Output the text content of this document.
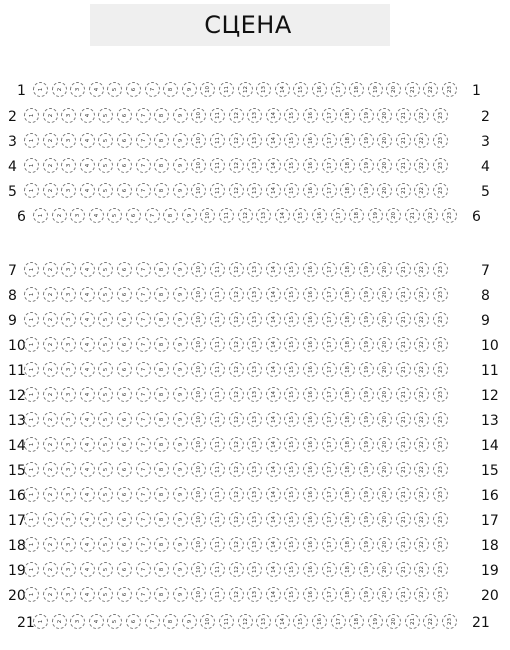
СЦЕНА
1	1	2	3	4	5	6	7	8	9	10	11	12	13	14	15	16	17	18	19	20	21	22	23	1
2	1	2	3	4	5	6	7	8	9	10	11	12	13	14	15	16	17	18	19	20	21	22	23	2
3	1	2	3	4	5	6	7	8	9	10	11	12	13	14	15	16	17	18	19	20	21	22	23	3
4	1	2	3	4	5	6	7	8	9	10	11	12	13	14	15	16	17	18	19	20	21	22	23	4
5	1	2	3	4	5	6	7	8	9	10	11	12	13	14	15	16	17	18	19	20	21	22	23	5
6	1	2	3	4	5	6	7	8	9	10	11	12	13	14	15	16	17	18	19	20	21	22	23	6
7	1	2	3	4	5	6	7	8	9	10	11	12	13	14	15	16	17	18	19	20	21	22	23	7
8	1	2	3	4	5	6	7	8	9	10	11	12	13	14	15	16	17	18	19	20	21	22	23	8
9	1	2	3	4	5	6	7	8	9	10	11	12	13	14	15	16	17	18	19	20	21	22	23	9
10 1	2	3	4	5	6	7	8	9	10	11	12	13	14	15	16	17	18	19	20	21	22	23	10
11 1	2	3	4	5	6	7	8	9	10	11	12	13	14	15	16	17	18	19	20	21	22	23	11
12 1	2	3	4	5	6	7	8	9	10	11	12	13	14	15	16	17	18	19	20	21	22	23	12
13 1	2	3	4	5	6	7	8	9	10	11	12	13	14	15	16	17	18	19	20	21	22	23	13
14 1	2	3	4	5	6	7	8	9	10	11	12	13	14	15	16	17	18	19	20	21	22	23	14
15 1	2	3	4	5	6	7	8	9	10	11	12	13	14	15	16	17	18	19	20	21	22	23	15
16 1	2	3	4	5	6	7	8	9	10	11	12	13	14	15	16	17	18	19	20	21	22	23	16
17 1	2	3	4	5	6	7	8	9	10	11	12	13	14	15	16	17	18	19	20	21	22	23	17
18 1	2	3	4	5	6	7	8	9	10	11	12	13	14	15	16	17	18	19	20	21	22	23	18
19 1	2	3	4	5	6	7	8	9	10	11	12	13	14	15	16	17	18	19	20	21	22	23	19
20 1	2	3	4	5	6	7	8	9	10	11	12	13	14	15	16	17	18	19	20	21	22	23	20
21 1	2	3	4	5	6	7	8	9	10	11	12	13	14	15	16	17	18	19	20	21	22	23	21
